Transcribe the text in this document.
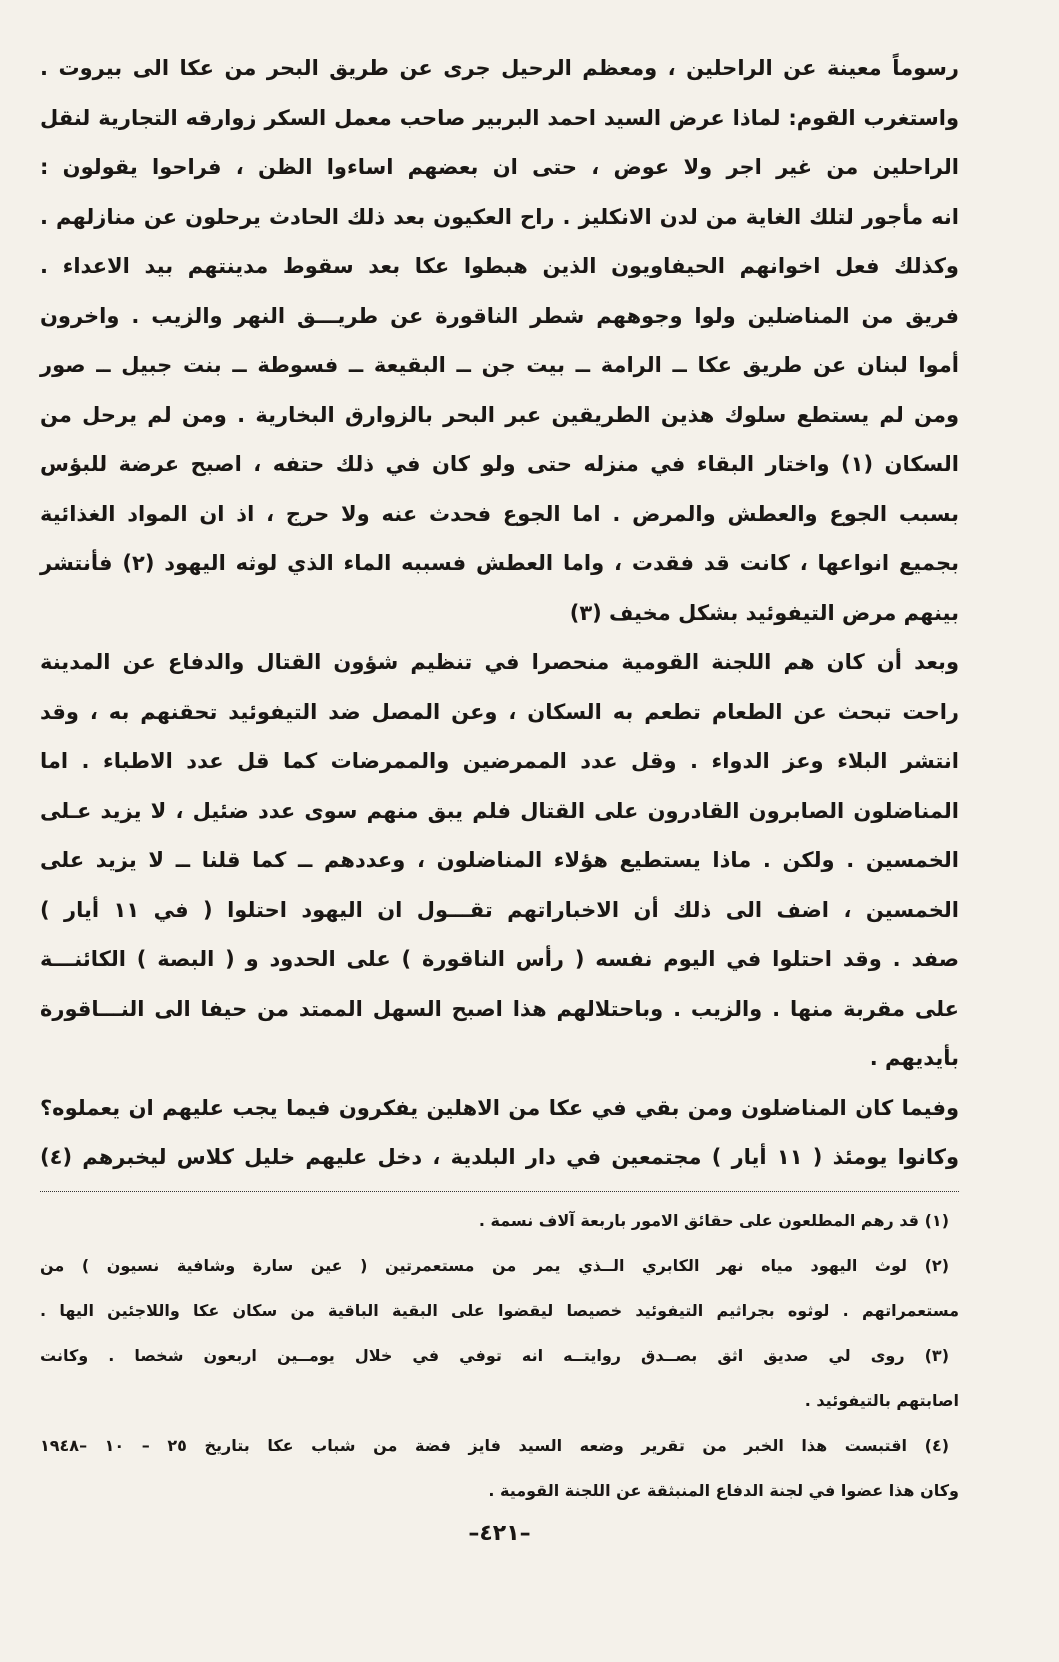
رسوماً معينة عن الراحلين ، ومعظم الرحيل جرى عن طريق البحر من عكا الى بيروت .
واستغرب القوم: لماذا عرض السيد احمد البربير صاحب معمل السكر زوارقه التجارية لنقل
الراحلين من غير اجر ولا عوض ، حتى ان بعضهم اساءوا الظن ، فراحوا يقولون :
انه مأجور لتلك الغاية من لدن الانكليز . راح العكيون بعد ذلك الحادث يرحلون عن منازلهم .
وكذلك فعل اخوانهم الحيفاويون الذين هبطوا عكا بعد سقوط مدينتهم بيد الاعداء .
فريق من المناضلين ولوا وجوههم شطر الناقورة عن طريـــق النهر والزيب . واخرون
أموا لبنان عن طريق عكا ــ الرامة ــ بيت جن ــ البقيعة ــ فسوطة ــ بنت جبيل ــ صور
ومن لم يستطع سلوك هذين الطريقين عبر البحر بالزوارق البخارية . ومن لم يرحل من
السكان (١) واختار البقاء في منزله حتى ولو كان في ذلك حتفه ، اصبح عرضة للبؤس
بسبب الجوع والعطش والمرض . اما الجوع فحدث عنه ولا حرج ، اذ ان المواد الغذائية
بجميع انواعها ، كانت قد فقدت ، واما العطش فسببه الماء الذي لوثه اليهود (٢) فأنتشر
بينهم مرض التيفوئيد بشكل مخيف (٣)
وبعد أن كان هم اللجنة القومية منحصرا في تنظيم شؤون القتال والدفاع عن المدينة
راحت تبحث عن الطعام تطعم به السكان ، وعن المصل ضد التيفوئيد تحقنهم به ، وقد
انتشر البلاء وعز الدواء . وقل عدد الممرضين والممرضات كما قل عدد الاطباء . اما
المناضلون الصابرون القادرون على القتال فلم يبق منهم سوى عدد ضئيل ، لا يزيد عـلى
الخمسين . ولكن . ماذا يستطيع هؤلاء المناضلون ، وعددهم ــ كما قلنا ــ لا يزيد على
الخمسين ، اضف الى ذلك أن الاخباراتهم تقـــول ان اليهود احتلوا ( في ١١ أيار )
صفد . وقد احتلوا في اليوم نفسه ( رأس الناقورة ) على الحدود و ( البصة ) الكائنـــة
على مقربة منها . والزيب . وباحتلالهم هذا اصبح السهل الممتد من حيفا الى النـــاقورة
بأيديهم .
وفيما كان المناضلون ومن بقي في عكا من الاهلين يفكرون فيما يجب عليهم ان يعملوه؟
وكانوا يومئذ ( ١١ أيار ) مجتمعين في دار البلدية ، دخل عليهم خليل كلاس ليخبرهم (٤)
(١) قد رهم المطلعون على حقائق الامور باربعة آلاف نسمة .
(٢) لوث اليهود مياه نهر الكابري الــذي يمر من مستعمرتين ( عين سارة وشافية نسيون ) من
مستعمراتهم . لوثوه بجراثيم التيفوئيد خصيصا ليقضوا على البقية الباقية من سكان عكا واللاجئين اليها .
(٣) روى لي صديق اثق بصــدق روايتــه انه توفي في خلال يومــين اربعون شخصا . وكانت
اصابتهم بالتيفوئيد .
(٤) اقتبست هذا الخبر من تقرير وضعه السيد فايز فضة من شباب عكا بتاريخ ٢٥ – ١٠ –١٩٤٨
وكان هذا عضوا في لجنة الدفاع المنبثقة عن اللجنة القومية .
–٤٢١–
